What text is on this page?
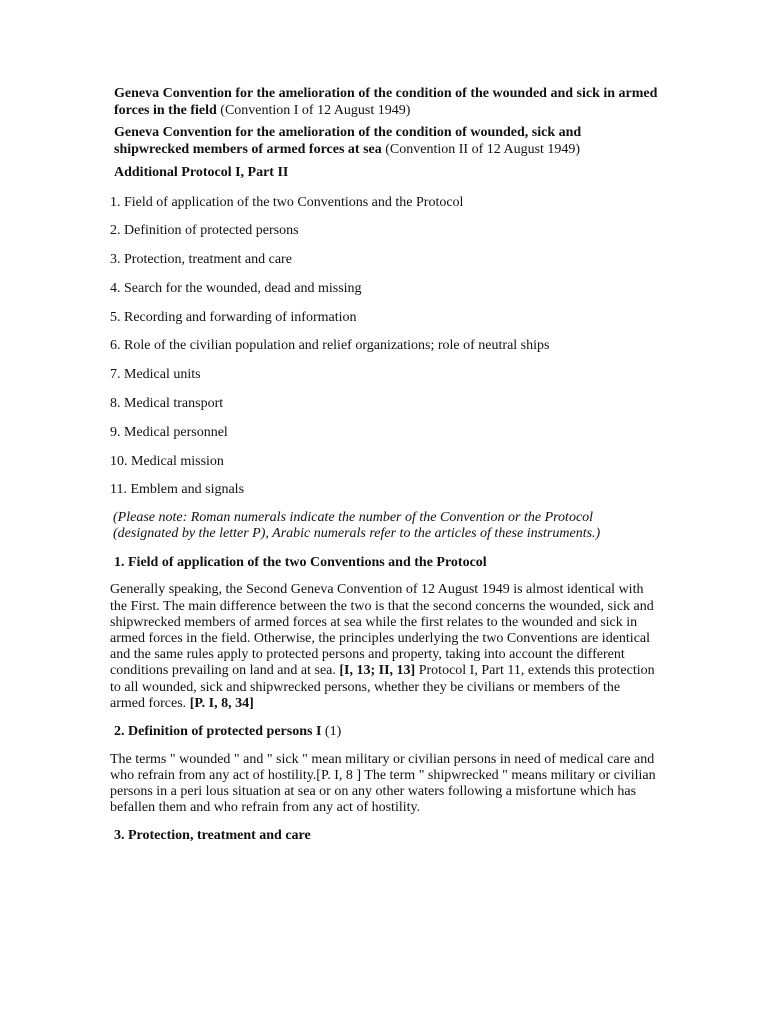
Geneva Convention for the amelioration of the condition of the wounded and sick in armed forces in the field (Convention I of 12 August 1949)

Geneva Convention for the amelioration of the condition of wounded, sick and shipwrecked members of armed forces at sea (Convention II of 12 August 1949)

Additional Protocol I, Part II

1. Field of application of the two Conventions and the Protocol

2. Definition of protected persons

3. Protection, treatment and care

4. Search for the wounded, dead and missing

5. Recording and forwarding of information

6. Role of the civilian population and relief organizations; role of neutral ships

7. Medical units

8. Medical transport

9. Medical personnel

10. Medical mission

11. Emblem and signals

(Please note: Roman numerals indicate the number of the Convention or the Protocol (designated by the letter P), Arabic numerals refer to the articles of these instruments.)

1. Field of application of the two Conventions and the Protocol

Generally speaking, the Second Geneva Convention of 12 August 1949 is almost identical with the First. The main difference between the two is that the second concerns the wounded, sick and shipwrecked members of armed forces at sea while the first relates to the wounded and sick in armed forces in the field. Otherwise, the principles underlying the two Conventions are identical and the same rules apply to protected persons and property, taking into account the different conditions prevailing on land and at sea. [I, 13; II, 13] Protocol I, Part 11, extends this protection to all wounded, sick and shipwrecked persons, whether they be civilians or members of the armed forces. [P. I, 8, 34]

2. Definition of protected persons I (1)

The terms " wounded " and " sick " mean military or civilian persons in need of medical care and who refrain from any act of hostility.[P. I, 8 ] The term " shipwrecked " means military or civilian persons in a peri lous situation at sea or on any other waters following a misfortune which has befallen them and who refrain from any act of hostility.

3. Protection, treatment and care
